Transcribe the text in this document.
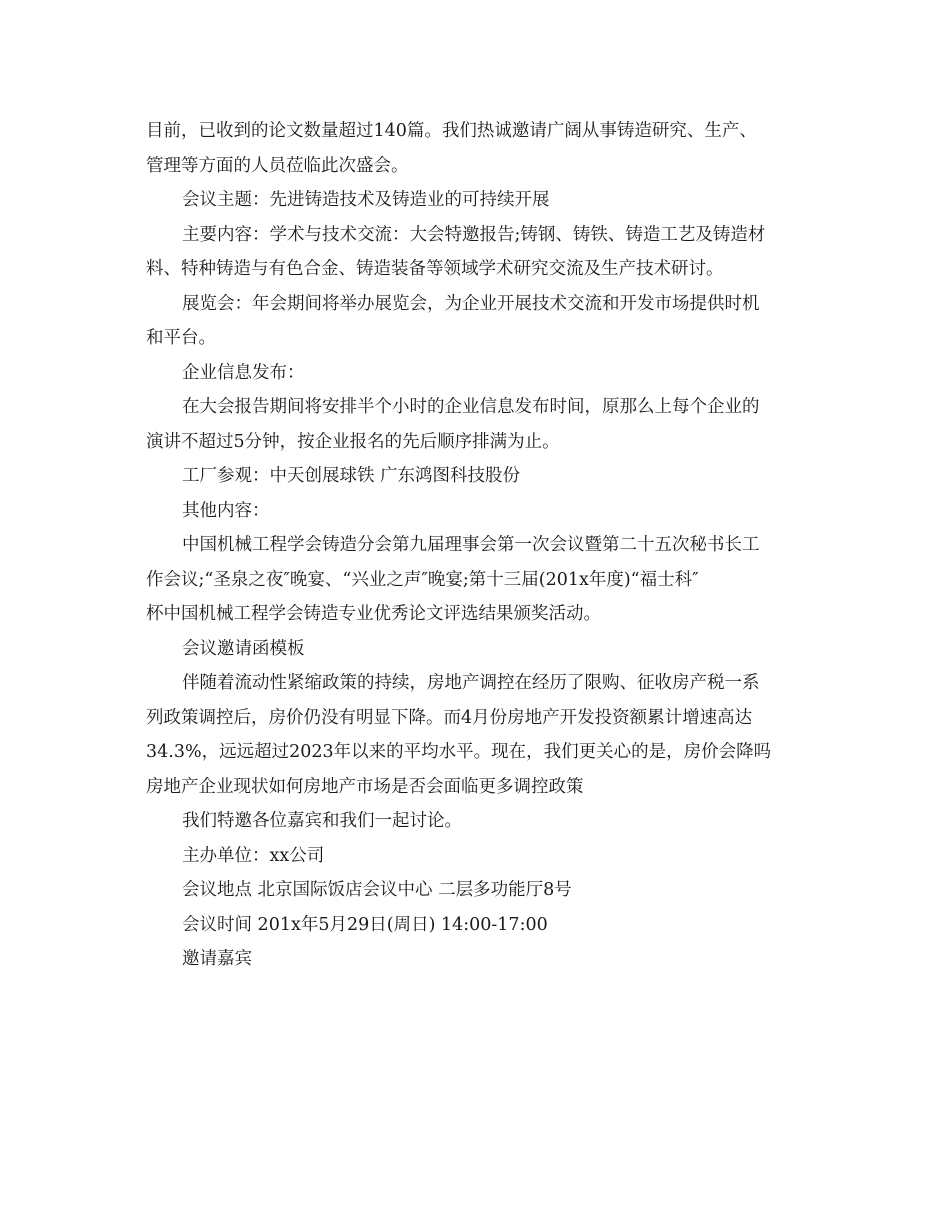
目前，已收到的论文数量超过140篇。我们热诚邀请广阔从事铸造研究、生产、
管理等方面的人员莅临此次盛会。
会议主题：先进铸造技术及铸造业的可持续开展
主要内容：学术与技术交流：大会特邀报告;铸钢、铸铁、铸造工艺及铸造材
料、特种铸造与有色合金、铸造装备等领域学术研究交流及生产技术研讨。
展览会：年会期间将举办展览会，为企业开展技术交流和开发市场提供时机
和平台。
企业信息发布：
在大会报告期间将安排半个小时的企业信息发布时间，原那么上每个企业的
演讲不超过5分钟，按企业报名的先后顺序排满为止。
工厂参观：中天创展球铁 广东鸿图科技股份
其他内容：
中国机械工程学会铸造分会第九届理事会第一次会议暨第二十五次秘书长工
作会议;“圣泉之夜″晚宴、“兴业之声″晚宴;第十三届(201x年度)“福士科″
杯中国机械工程学会铸造专业优秀论文评选结果颁奖活动。
会议邀请函模板
伴随着流动性紧缩政策的持续，房地产调控在经历了限购、征收房产税一系
列政策调控后，房价仍没有明显下降。而4月份房地产开发投资额累计增速高达
34.3%，远远超过2023年以来的平均水平。现在，我们更关心的是，房价会降吗
房地产企业现状如何房地产市场是否会面临更多调控政策
我们特邀各位嘉宾和我们一起讨论。
主办单位：xx公司
会议地点 北京国际饭店会议中心 二层多功能厅8号
会议时间 201x年5月29日(周日) 14:00-17:00
邀请嘉宾
